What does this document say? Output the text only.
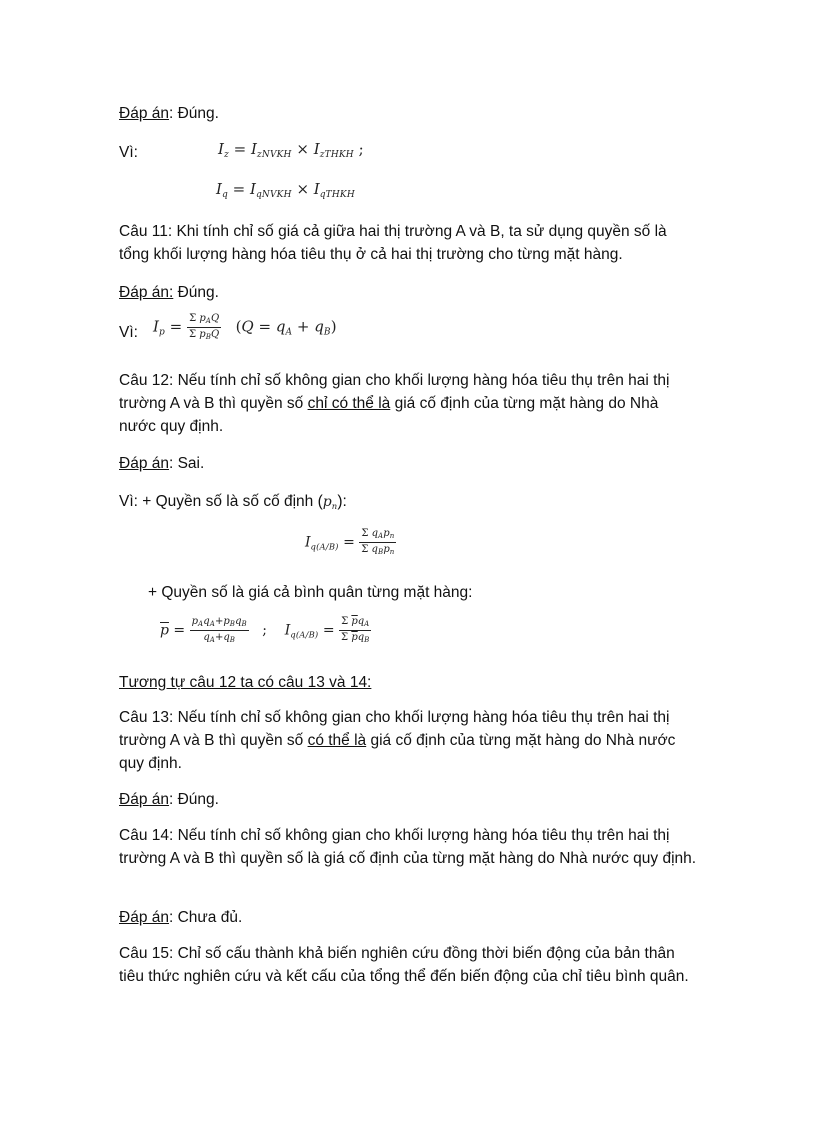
Đáp án: Đúng.

Vì:	$I_z = I_{zNVKH} \times I_{zTHKH}$ ;
$I_q = I_{qNVKH} \times I_{qTHKH}$

Câu 11: Khi tính chỉ số giá cả giữa hai thị trường A và B, ta sử dụng quyền số là tổng khối lượng hàng hóa tiêu thụ ở cả hai thị trường cho từng mặt hàng.

Đáp án: Đúng.

Vì:	$I_p = \frac{\Sigma p_AQ}{\Sigma p_BQ} (Q = q_A + q_B)$

Câu 12: Nếu tính chỉ số không gian cho khối lượng hàng hóa tiêu thụ trên hai thị trường A và B thì quyền số chỉ có thể là giá cố định của từng mặt hàng do Nhà nước quy định.

Đáp án: Sai.

Vì: + Quyền số là số cố định $(p_n)$:

$I_{q(A/B)} = \frac{\Sigma q_Ap_n}{\Sigma q_Bp_n}$

+ Quyền số là giá cả bình quân từng mặt hàng:

$\overline{p} = \frac{p_Aq_A+p_Bq_B}{q_A+q_B}$ ;    $I_{q(A/B)} = \frac{\Sigma \overline{p}q_A}{\Sigma \overline{p}q_B}$

Tương tự câu 12 ta có câu 13 và 14:

Câu 13: Nếu tính chỉ số không gian cho khối lượng hàng hóa tiêu thụ trên hai thị trường A và B thì quyền số có thể là giá cố định của từng mặt hàng do Nhà nước quy định.

Đáp án: Đúng.

Câu 14: Nếu tính chỉ số không gian cho khối lượng hàng hóa tiêu thụ trên hai thị trường A và B thì quyền số là giá cố định của từng mặt hàng do Nhà nước quy định.

Đáp án: Chưa đủ.

Câu 15: Chỉ số cấu thành khả biến nghiên cứu đồng thời biến động của bản thân tiêu thức nghiên cứu và kết cấu của tổng thể đến biến động của chỉ tiêu bình quân.
